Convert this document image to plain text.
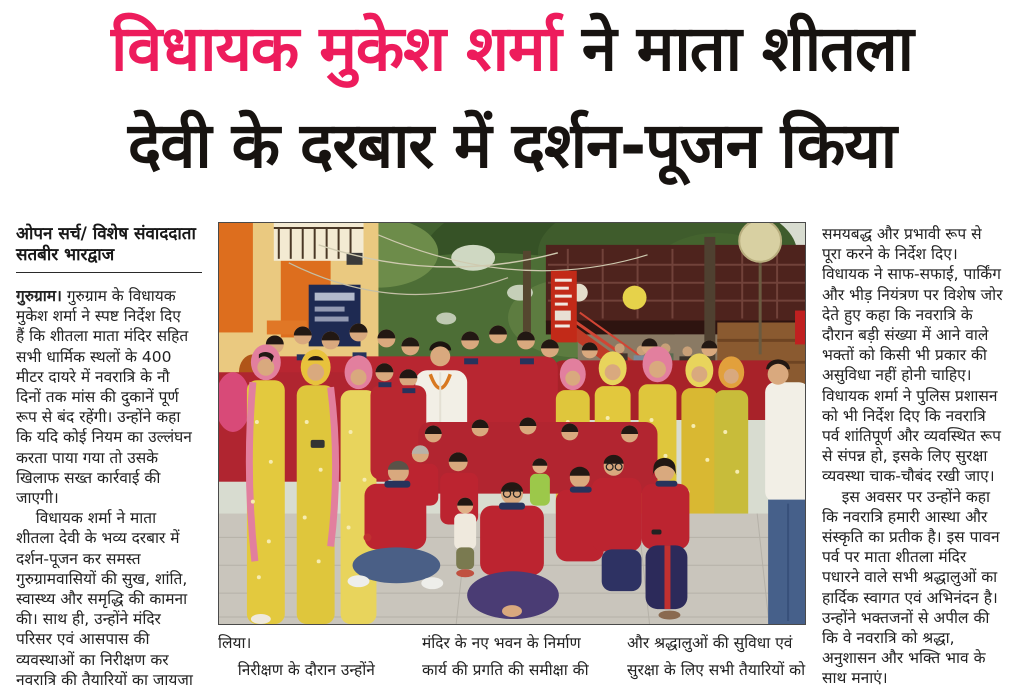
विधायक मुकेश शर्मा ने माता शीतला
देवी के दरबार में दर्शन-पूजन किया
ओपन सर्च/ विशेष संवाददाता
सतबीर भारद्वाज
गुरुग्राम। गुरुग्राम के विधायक
मुकेश शर्मा ने स्पष्ट निर्देश दिए
हैं कि शीतला माता मंदिर सहित
सभी धार्मिक स्थलों के 400
मीटर दायरे में नवरात्रि के नौ
दिनों तक मांस की दुकानें पूर्ण
रूप से बंद रहेंगी। उन्होंने कहा
कि यदि कोई नियम का उल्लंघन
करता पाया गया तो उसके
खिलाफ सख्त कार्रवाई की
जाएगी।
विधायक शर्मा ने माता
शीतला देवी के भव्य दरबार में
दर्शन-पूजन कर समस्त
गुरुग्रामवासियों की सुख, शांति,
स्वास्थ्य और समृद्धि की कामना
की। साथ ही, उन्होंने मंदिर
परिसर एवं आसपास की
व्यवस्थाओं का निरीक्षण कर
नवरात्रि की तैयारियों का जायजा
लिया।
निरीक्षण के दौरान उन्होंने
मंदिर के नए भवन के निर्माण
कार्य की प्रगति की समीक्षा की
और श्रद्धालुओं की सुविधा एवं
सुरक्षा के लिए सभी तैयारियों को
समयबद्ध और प्रभावी रूप से
पूरा करने के निर्देश दिए।
विधायक ने साफ-सफाई, पार्किंग
और भीड़ नियंत्रण पर विशेष जोर
देते हुए कहा कि नवरात्रि के
दौरान बड़ी संख्या में आने वाले
भक्तों को किसी भी प्रकार की
असुविधा नहीं होनी चाहिए।
विधायक शर्मा ने पुलिस प्रशासन
को भी निर्देश दिए कि नवरात्रि
पर्व शांतिपूर्ण और व्यवस्थित रूप
से संपन्न हो, इसके लिए सुरक्षा
व्यवस्था चाक-चौबंद रखी जाए।
इस अवसर पर उन्होंने कहा
कि नवरात्रि हमारी आस्था और
संस्कृति का प्रतीक है। इस पावन
पर्व पर माता शीतला मंदिर
पधारने वाले सभी श्रद्धालुओं का
हार्दिक स्वागत एवं अभिनंदन है।
उन्होंने भक्तजनों से अपील की
कि वे नवरात्रि को श्रद्धा,
अनुशासन और भक्ति भाव के
साथ मनाएं।
